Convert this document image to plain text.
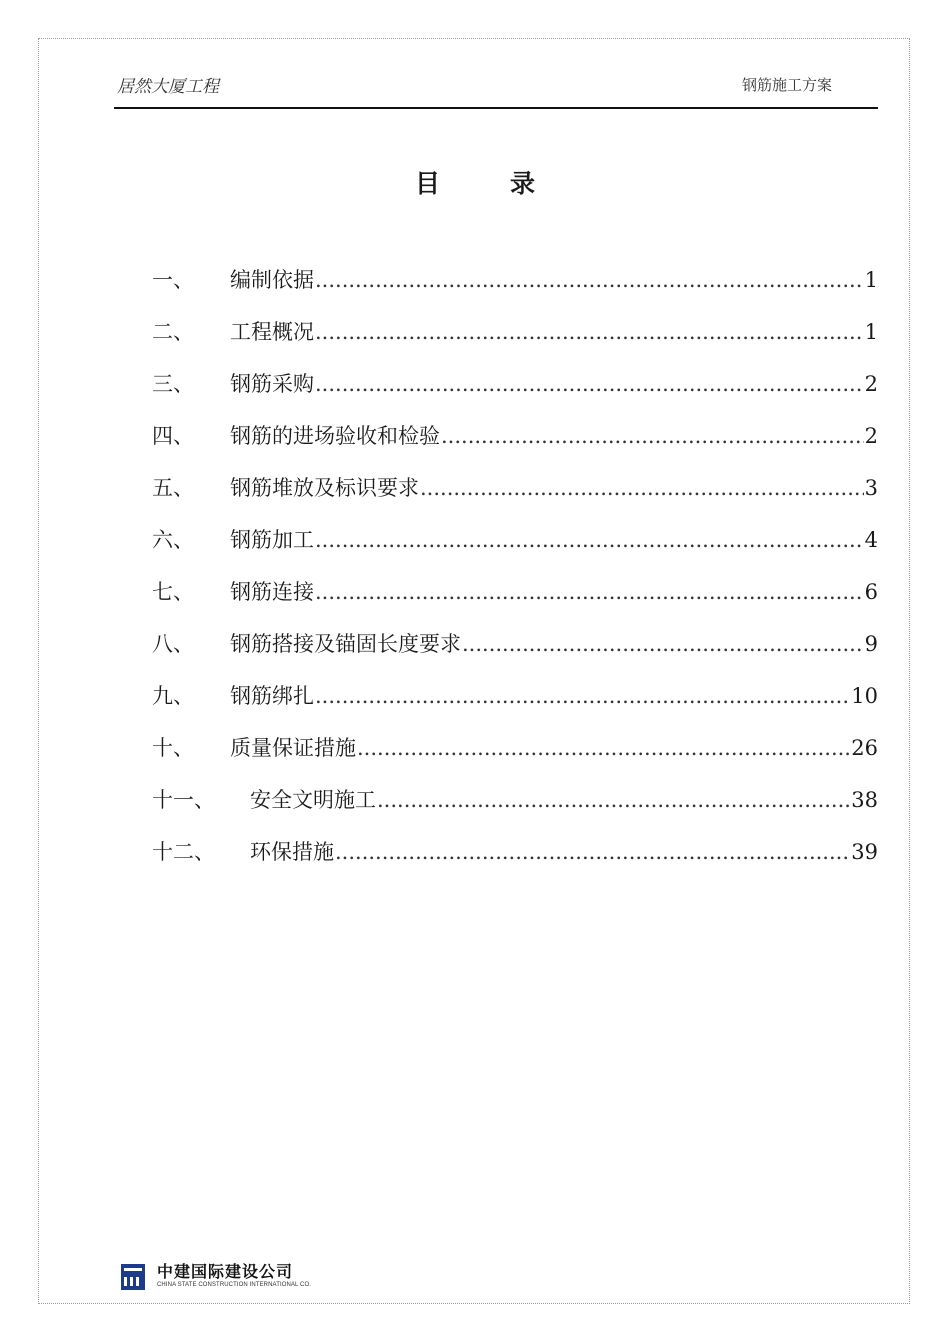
居然大厦工程	钢筋施工方案
目	录
一、	编制依据 .....	1
二、	工程概况 .....	1
三、	钢筋采购 .....	2
四、	钢筋的进场验收和检验 .....	2
五、	钢筋堆放及标识要求 .....	3
六、	钢筋加工 .....	4
七、	钢筋连接 .....	6
八、	钢筋搭接及锚固长度要求 .....	9
九、	钢筋绑扎 .....	10
十、	质量保证措施 .....	26
十一、	安全文明施工 .....	38
十二、	环保措施 .....	39
中建国际建设公司
CHINA STATE CONSTRUCTION INTERNATIONAL CO.
